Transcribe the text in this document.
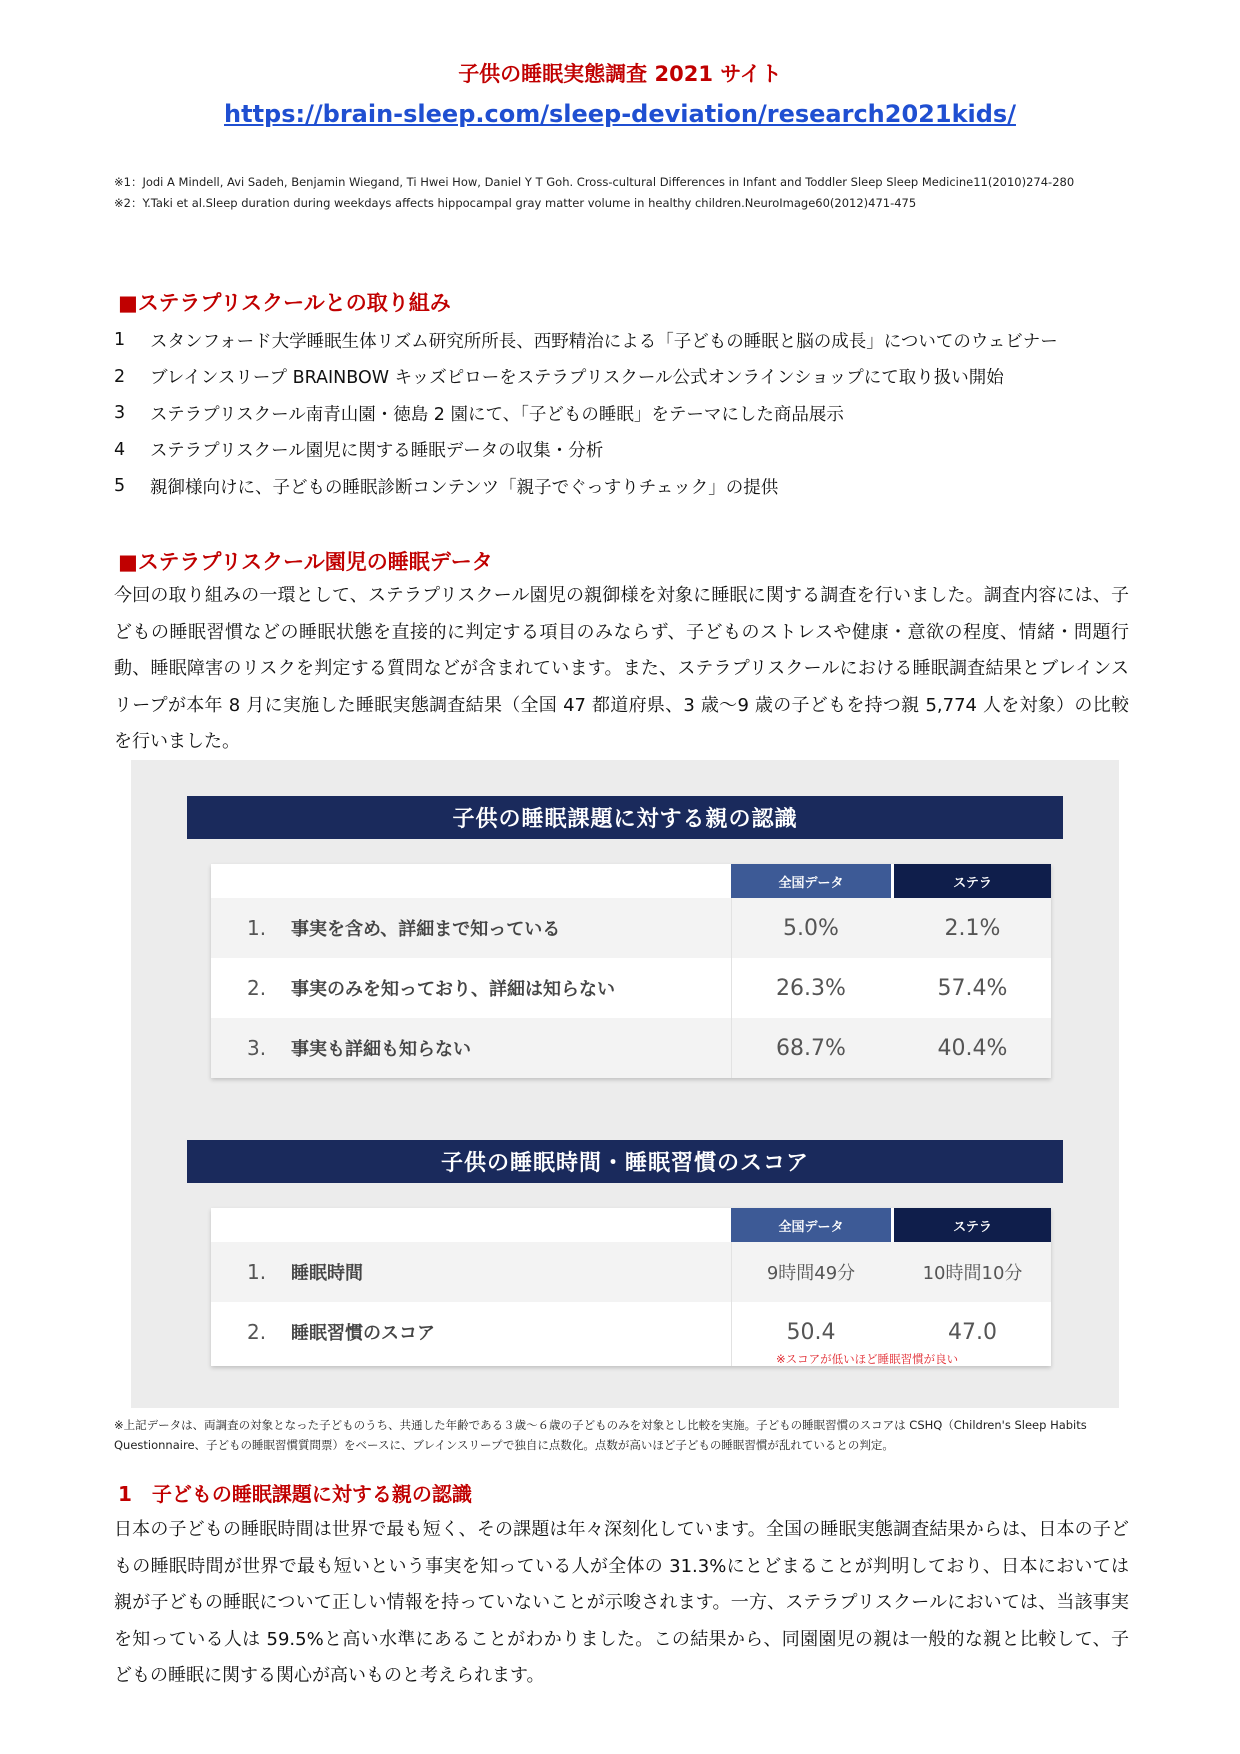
子供の睡眠実態調査 2021 サイト
https://brain-sleep.com/sleep-deviation/research2021kids/

※1：Jodi A Mindell, Avi Sadeh, Benjamin Wiegand, Ti Hwei How, Daniel Y T Goh. Cross-cultural Differences in Infant and Toddler Sleep Sleep Medicine11(2010)274-280

※2：Y.Taki et al.Sleep duration during weekdays affects hippocampal gray matter volume in healthy children.NeuroImage60(2012)471-475

■ステラプリスクールとの取り組み
1	スタンフォード大学睡眠生体リズム研究所所長、西野精治による「子どもの睡眠と脳の成長」についてのウェビナー
2	ブレインスリープ BRAINBOW キッズピローをステラプリスクール公式オンラインショップにて取り扱い開始
3	ステラプリスクール南青山園・徳島 2 園にて、「子どもの睡眠」をテーマにした商品展示
4	ステラプリスクール園児に関する睡眠データの収集・分析
5	親御様向けに、子どもの睡眠診断コンテンツ「親子でぐっすりチェック」の提供
■ステラプリスクール園児の睡眠データ

今回の取り組みの一環として、ステラプリスクール園児の親御様を対象に睡眠に関する調査を行いました。調査内容には、子どもの睡眠習慣などの睡眠状態を直接的に判定する項目のみならず、子どものストレスや健康・意欲の程度、情緒・問題行動、睡眠障害のリスクを判定する質問などが含まれています。また、ステラプリスクールにおける睡眠調査結果とブレインスリープが本年 8 月に実施した睡眠実態調査結果（全国 47 都道府県、3 歳～9 歳の子どもを持つ親 5,774 人を対象）の比較を行いました。

子供の睡眠課題に対する親の認識
全国データ	ステラ
1. 事実を含め、詳細まで知っている	5.0%	2.1%
2. 事実のみを知っており、詳細は知らない	26.3%	57.4%
3. 事実も詳細も知らない	68.7%	40.4%
子供の睡眠時間・睡眠習慣のスコア
全国データ	ステラ
1. 睡眠時間	9時間49分	10時間10分
2. 睡眠習慣のスコア	50.4	47.0
※スコアが低いほど睡眠習慣が良い

※上記データは、両調査の対象となった子どものうち、共通した年齢である３歳～６歳の子どものみを対象とし比較を実施。子どもの睡眠習慣のスコアは CSHQ（Children's Sleep Habits Questionnaire、子どもの睡眠習慣質問票）をベースに、ブレインスリープで独自に点数化。点数が高いほど子どもの睡眠習慣が乱れているとの判定。

1　子どもの睡眠課題に対する親の認識

日本の子どもの睡眠時間は世界で最も短く、その課題は年々深刻化しています。全国の睡眠実態調査結果からは、日本の子どもの睡眠時間が世界で最も短いという事実を知っている人が全体の 31.3%にとどまることが判明しており、日本においては親が子どもの睡眠について正しい情報を持っていないことが示唆されます。一方、ステラプリスクールにおいては、当該事実を知っている人は 59.5%と高い水準にあることがわかりました。この結果から、同園園児の親は一般的な親と比較して、子どもの睡眠に関する関心が高いものと考えられます。
